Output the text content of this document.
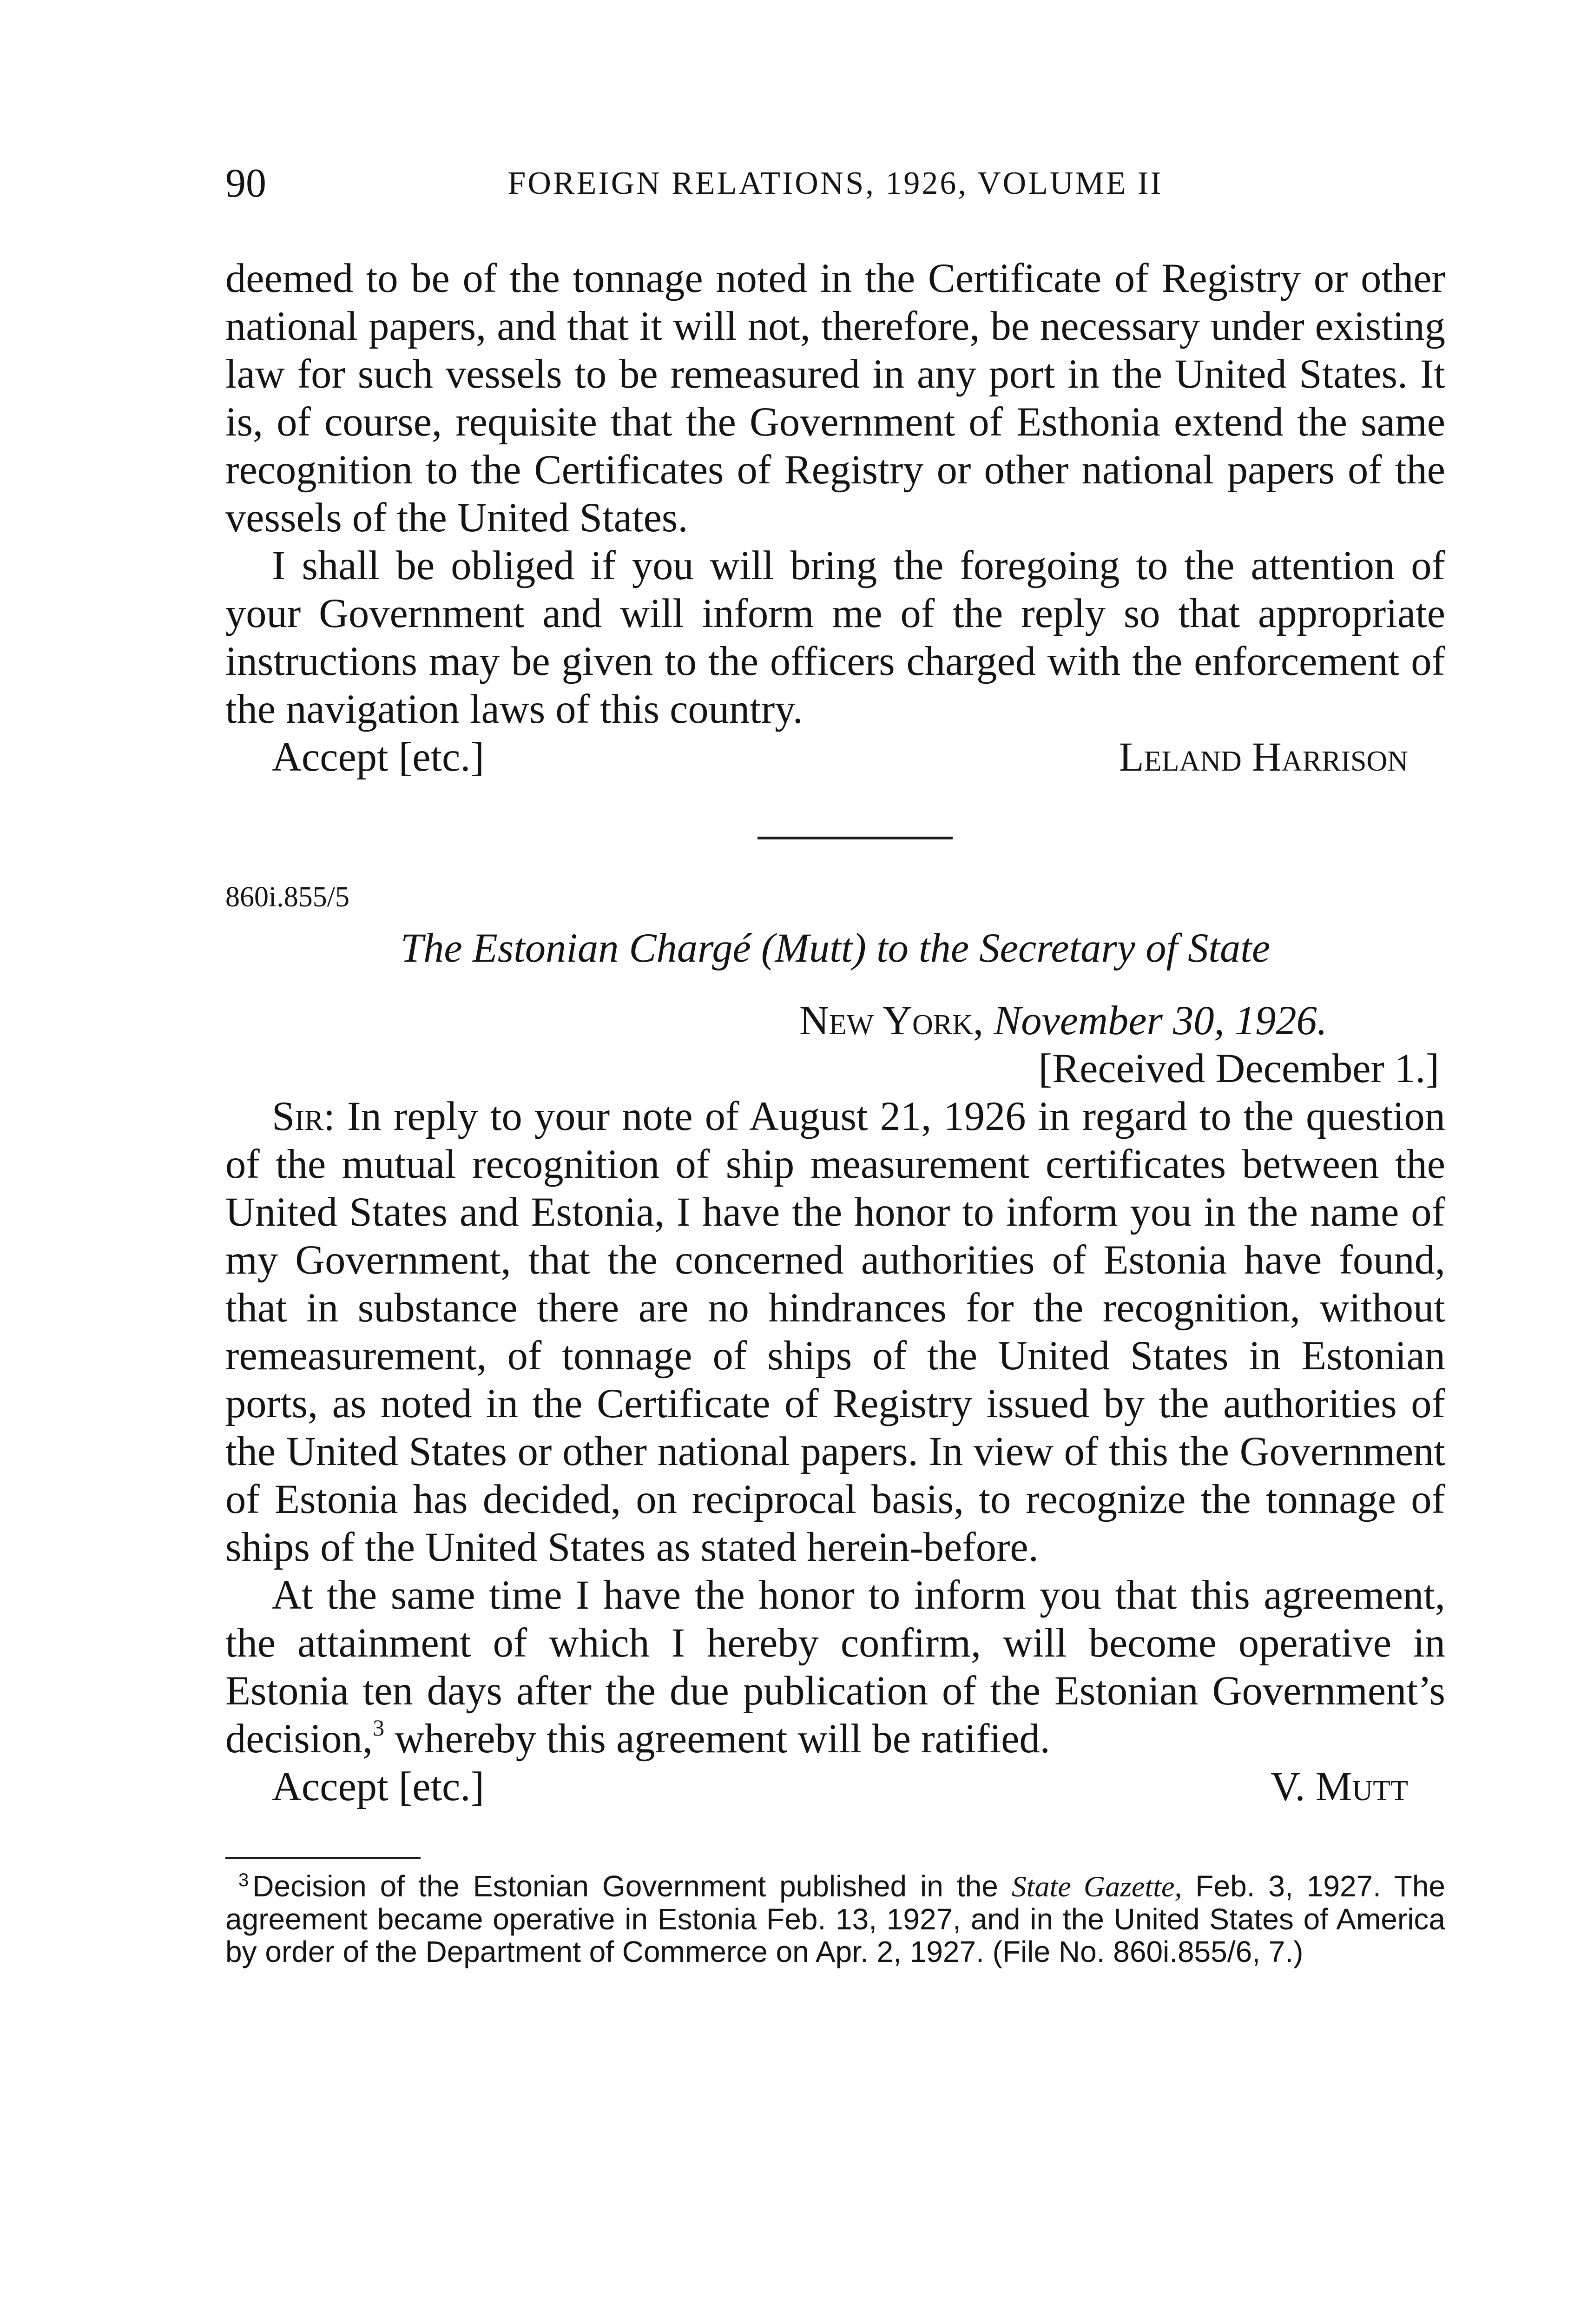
90	FOREIGN RELATIONS, 1926, VOLUME II

deemed to be of the tonnage noted in the Certificate of Registry or other national papers, and that it will not, therefore, be necessary under existing law for such vessels to be remeasured in any port in the United States. It is, of course, requisite that the Government of Esthonia extend the same recognition to the Certificates of Registry or other national papers of the vessels of the United States.

I shall be obliged if you will bring the foregoing to the attention of your Government and will inform me of the reply so that appropriate instructions may be given to the officers charged with the enforcement of the navigation laws of this country.

Accept [etc.]	Leland Harrison
860i.855/5
The Estonian Chargé (Mutt) to the Secretary of State
New York, November 30, 1926.
[Received December 1.]

Sir: In reply to your note of August 21, 1926 in regard to the question of the mutual recognition of ship measurement certificates between the United States and Estonia, I have the honor to inform you in the name of my Government, that the concerned authorities of Estonia have found, that in substance there are no hindrances for the recognition, without remeasurement, of tonnage of ships of the United States in Estonian ports, as noted in the Certificate of Registry issued by the authorities of the United States or other national papers. In view of this the Government of Estonia has decided, on reciprocal basis, to recognize the tonnage of ships of the United States as stated herein-before.

At the same time I have the honor to inform you that this agreement, the attainment of which I hereby confirm, will become operative in Estonia ten days after the due publication of the Estonian Government’s decision,$^3$ whereby this agreement will be ratified.

Accept [etc.]	V. Mutt
$^3$ Decision of the Estonian Government published in the State Gazette, Feb. 3, 1927. The agreement became operative in Estonia Feb. 13, 1927, and in the United States of America by order of the Department of Commerce on Apr. 2, 1927. (File No. 860i.855/6, 7.)
